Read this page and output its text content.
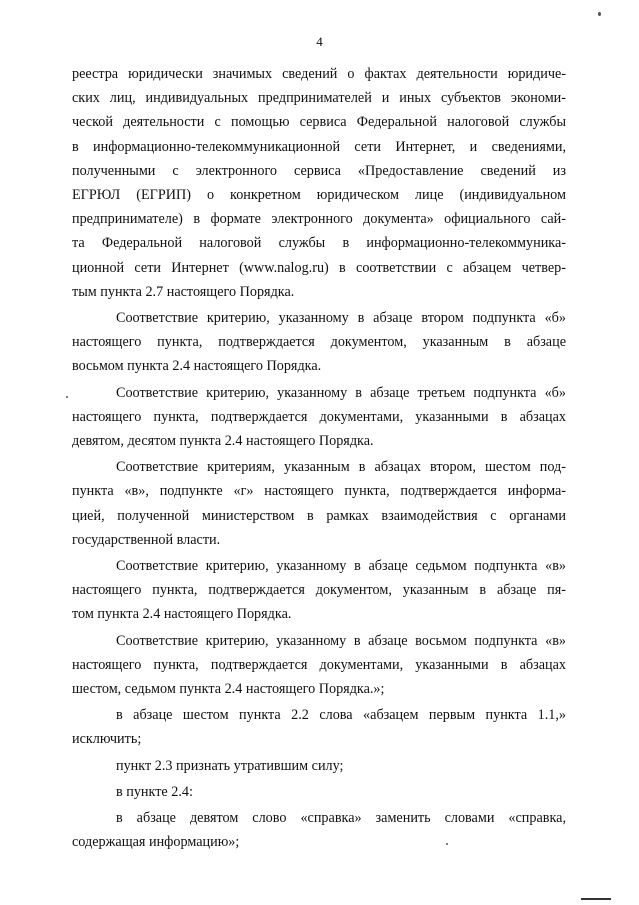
4
реестра юридически значимых сведений о фактах деятельности юридиче-
ских лиц, индивидуальных предпринимателей и иных субъектов экономи-
ческой деятельности с помощью сервиса Федеральной налоговой службы
в информационно-телекоммуникационной сети Интернет, и сведениями,
полученными с электронного сервиса «Предоставление сведений из
ЕГРЮЛ (ЕГРИП) о конкретном юридическом лице (индивидуальном
предпринимателе) в формате электронного документа» официального сай-
та Федеральной налоговой службы в информационно-телекоммуника-
ционной сети Интернет (www.nalog.ru) в соответствии с абзацем четвер-
тым пункта 2.7 настоящего Порядка.
Соответствие критерию, указанному в абзаце втором подпункта «б»
настоящего пункта, подтверждается документом, указанным в абзаце
восьмом пункта 2.4 настоящего Порядка.
Соответствие критерию, указанному в абзаце третьем подпункта «б»
настоящего пункта, подтверждается документами, указанными в абзацах
девятом, десятом пункта 2.4 настоящего Порядка.
Соответствие критериям, указанным в абзацах втором, шестом под-
пункта «в», подпункте «г» настоящего пункта, подтверждается информа-
цией, полученной министерством в рамках взаимодействия с органами
государственной власти.
Соответствие критерию, указанному в абзаце седьмом подпункта «в»
настоящего пункта, подтверждается документом, указанным в абзаце пя-
том пункта 2.4 настоящего Порядка.
Соответствие критерию, указанному в абзаце восьмом подпункта «в»
настоящего пункта, подтверждается документами, указанными в абзацах
шестом, седьмом пункта 2.4 настоящего Порядка.»;
в абзаце шестом пункта 2.2 слова «абзацем первым пункта 1.1,»
исключить;
пункт 2.3 признать утратившим силу;
в пункте 2.4:
в абзаце девятом слово «справка» заменить словами «справка,
содержащая информацию»;
